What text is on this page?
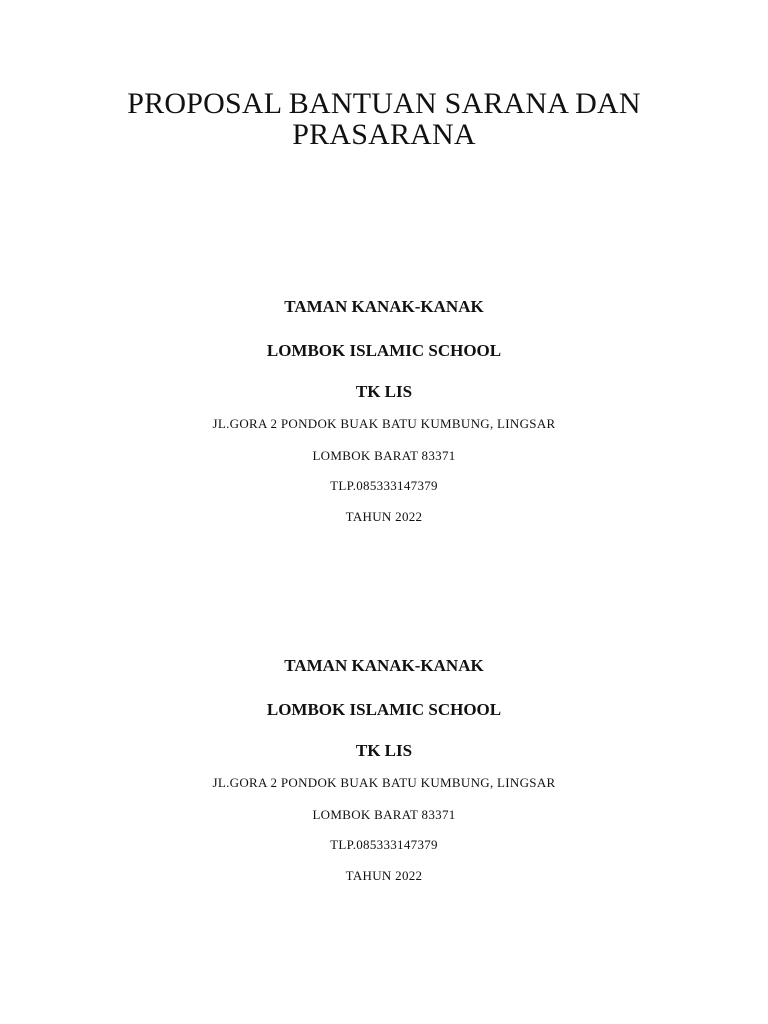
PROPOSAL BANTUAN SARANA DAN
PRASARANA
TAMAN KANAK-KANAK
LOMBOK ISLAMIC SCHOOL
TK LIS
JL.GORA 2 PONDOK BUAK BATU KUMBUNG, LINGSAR
LOMBOK BARAT 83371
TLP.085333147379
TAHUN 2022
TAMAN KANAK-KANAK
LOMBOK ISLAMIC SCHOOL
TK LIS
JL.GORA 2 PONDOK BUAK BATU KUMBUNG, LINGSAR
LOMBOK BARAT 83371
TLP.085333147379
TAHUN 2022
